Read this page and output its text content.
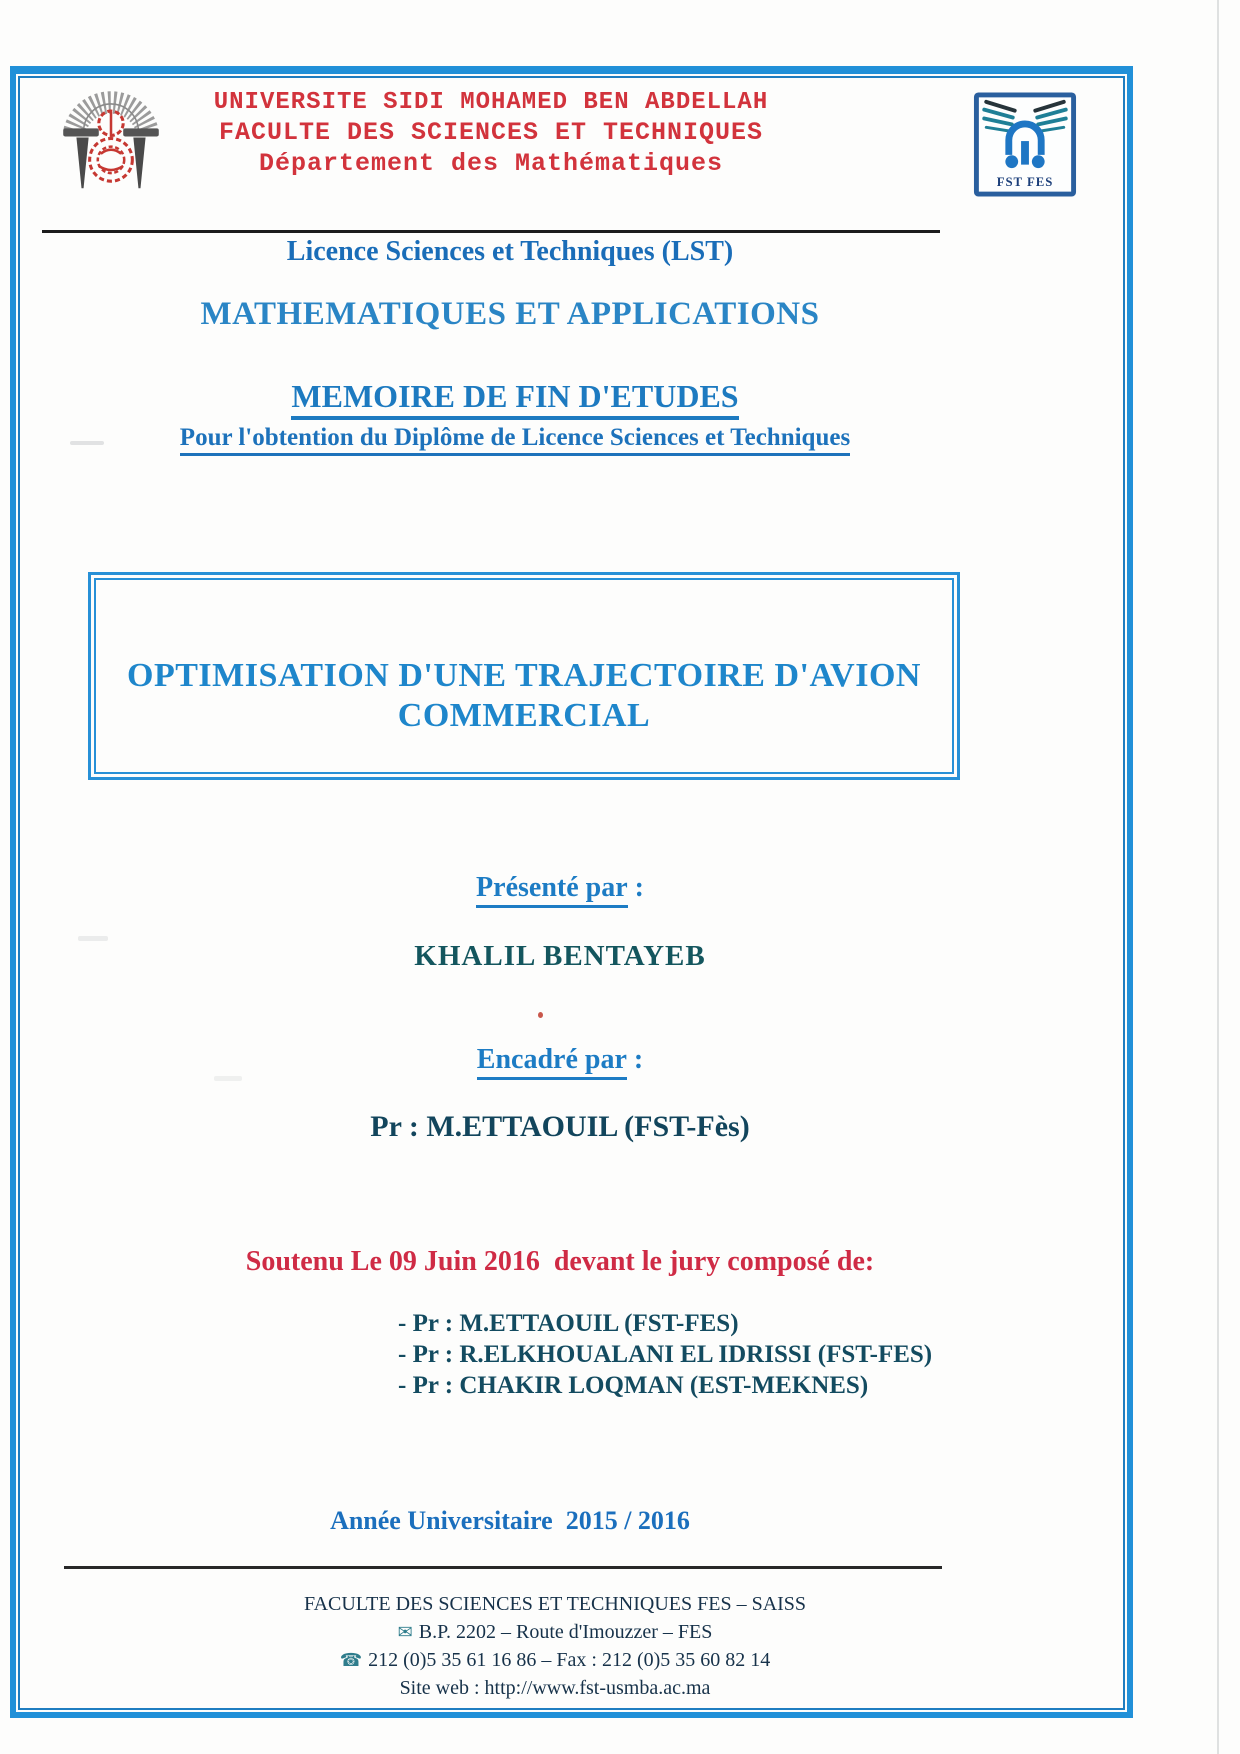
UNIVERSITE SIDI MOHAMED BEN ABDELLAH
FACULTE DES SCIENCES ET TECHNIQUES
Département des Mathématiques
FST FES
Licence Sciences et Techniques (LST)
MATHEMATIQUES ET APPLICATIONS
MEMOIRE DE FIN D'ETUDES
Pour l'obtention du Diplôme de Licence Sciences et Techniques
OPTIMISATION D'UNE TRAJECTOIRE D'AVION
COMMERCIAL
Présenté par :
KHALIL BENTAYEB
Encadré par :
Pr : M.ETTAOUIL (FST-Fès)
Soutenu Le 09 Juin 2016  devant le jury composé de:
- Pr : M.ETTAOUIL (FST-FES)
- Pr : R.ELKHOUALANI EL IDRISSI (FST-FES)
- Pr : CHAKIR LOQMAN (EST-MEKNES)
Année Universitaire  2015 / 2016
FACULTE DES SCIENCES ET TECHNIQUES FES – SAISS
✉ B.P. 2202 – Route d'Imouzzer – FES
☎ 212 (0)5 35 61 16 86 – Fax : 212 (0)5 35 60 82 14
Site web : http://www.fst-usmba.ac.ma
